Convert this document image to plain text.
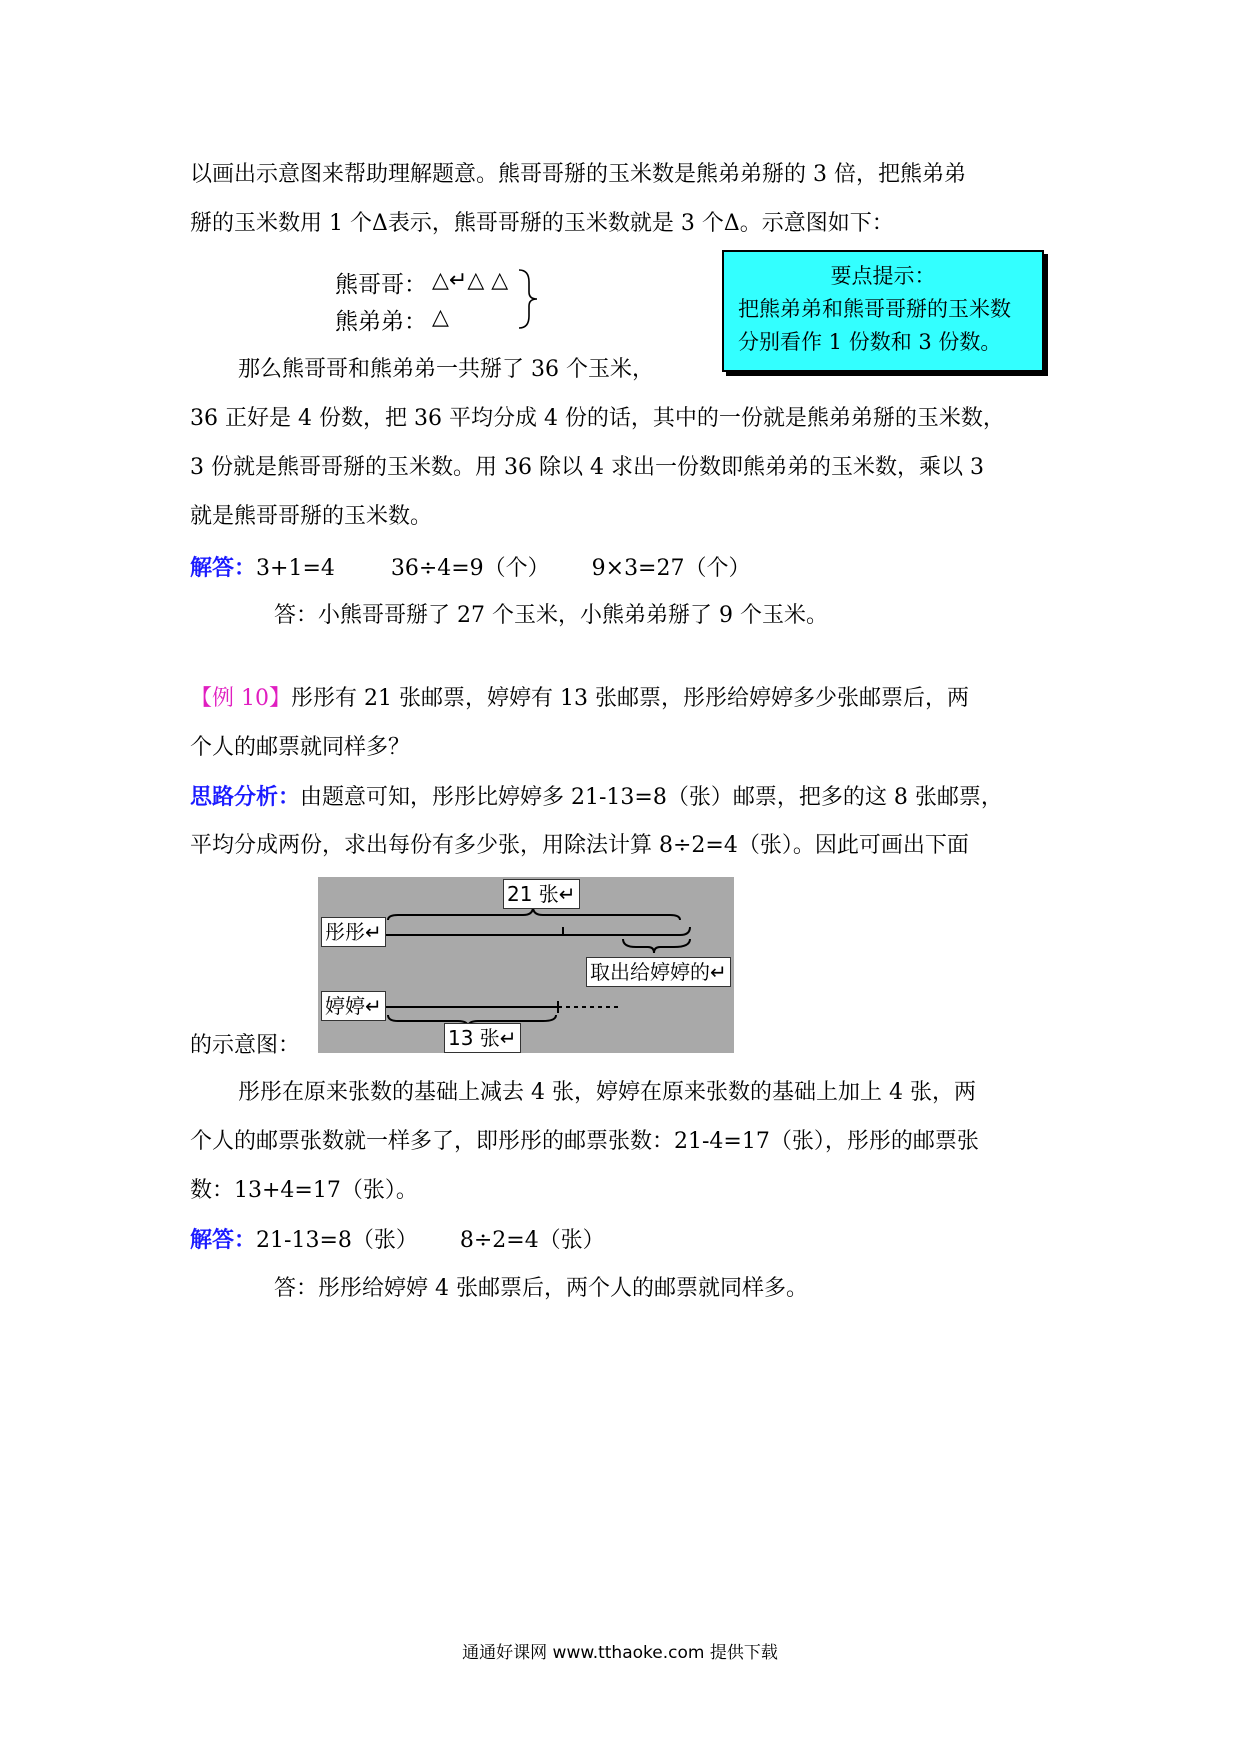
以画出示意图来帮助理解题意。熊哥哥掰的玉米数是熊弟弟掰的 3 倍，把熊弟弟
掰的玉米数用 1 个Δ表示，熊哥哥掰的玉米数就是 3 个Δ。示意图如下：
熊哥哥： △↵△ △
熊弟弟： △
要点提示：
把熊弟弟和熊哥哥掰的玉米数
分别看作 1 份数和 3 份数。
那么熊哥哥和熊弟弟一共掰了 36 个玉米，
36 正好是 4 份数，把 36 平均分成 4 份的话，其中的一份就是熊弟弟掰的玉米数，
3 份就是熊哥哥掰的玉米数。用 36 除以 4 求出一份数即熊弟弟的玉米数，乘以 3
就是熊哥哥掰的玉米数。
解答：3+1=4        36÷4=9（个）      9×3=27（个）
答：小熊哥哥掰了 27 个玉米，小熊弟弟掰了 9 个玉米。
【例 10】彤彤有 21 张邮票，婷婷有 13 张邮票，彤彤给婷婷多少张邮票后，两
个人的邮票就同样多？
思路分析：由题意可知，彤彤比婷婷多 21-13=8（张）邮票，把多的这 8 张邮票，
平均分成两份，求出每份有多少张，用除法计算 8÷2=4（张）。因此可画出下面
21 张↵
彤彤↵
取出给婷婷的↵
婷婷↵
13 张↵
的示意图：
彤彤在原来张数的基础上减去 4 张，婷婷在原来张数的基础上加上 4 张，两
个人的邮票张数就一样多了，即彤彤的邮票张数：21-4=17（张），彤彤的邮票张
数：13+4=17（张）。
解答：21-13=8（张）      8÷2=4（张）
答：彤彤给婷婷 4 张邮票后，两个人的邮票就同样多。
通通好课网 www.tthaoke.com 提供下载
